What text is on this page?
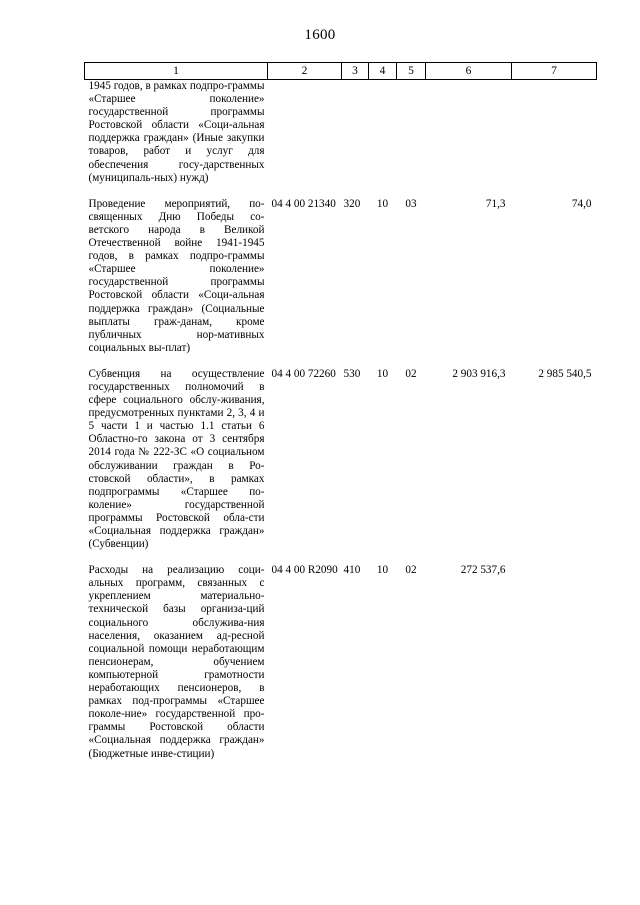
1600
1	2	3	4	5	6	7
1945 годов, в рамках подпро-граммы «Старшее поколение» государственной программы Ростовской области «Соци-альная поддержка граждан» (Иные закупки товаров, работ и услуг для обеспечения госу-дарственных (муниципаль-ных) нужд)						
Проведение мероприятий, по-священных Дню Победы со-ветского народа в Великой Отечественной войне 1941-1945 годов, в рамках подпро-граммы «Старшее поколение» государственной программы Ростовской области «Соци-альная поддержка граждан» (Социальные выплаты граж-данам, кроме публичных нор-мативных социальных вы-плат)	04 4 00 21340	320	10	03	71,3	74,0
Субвенция на осуществление государственных полномочий в сфере социального обслу-живания, предусмотренных пунктами 2, 3, 4 и 5 части 1 и частью 1.1 статьи 6 Областно-го закона от 3 сентября 2014 года № 222-ЗС «О социальном обслуживании граждан в Ро-стовской области», в рамках подпрограммы «Старшее по-коление» государственной программы Ростовской обла-сти «Социальная поддержка граждан» (Субвенции)	04 4 00 72260	530	10	02	2 903 916,3	2 985 540,5
Расходы на реализацию соци-альных программ, связанных с укреплением материально-технической базы организа-ций социального обслужива-ния населения, оказанием ад-ресной социальной помощи неработающим пенсионерам, обучением компьютерной грамотности неработающих пенсионеров, в рамках под-программы «Старшее поколе-ние» государственной про-граммы Ростовской области «Социальная поддержка граждан» (Бюджетные инве-стиции)	04 4 00 R2090	410	10	02	272 537,6	
